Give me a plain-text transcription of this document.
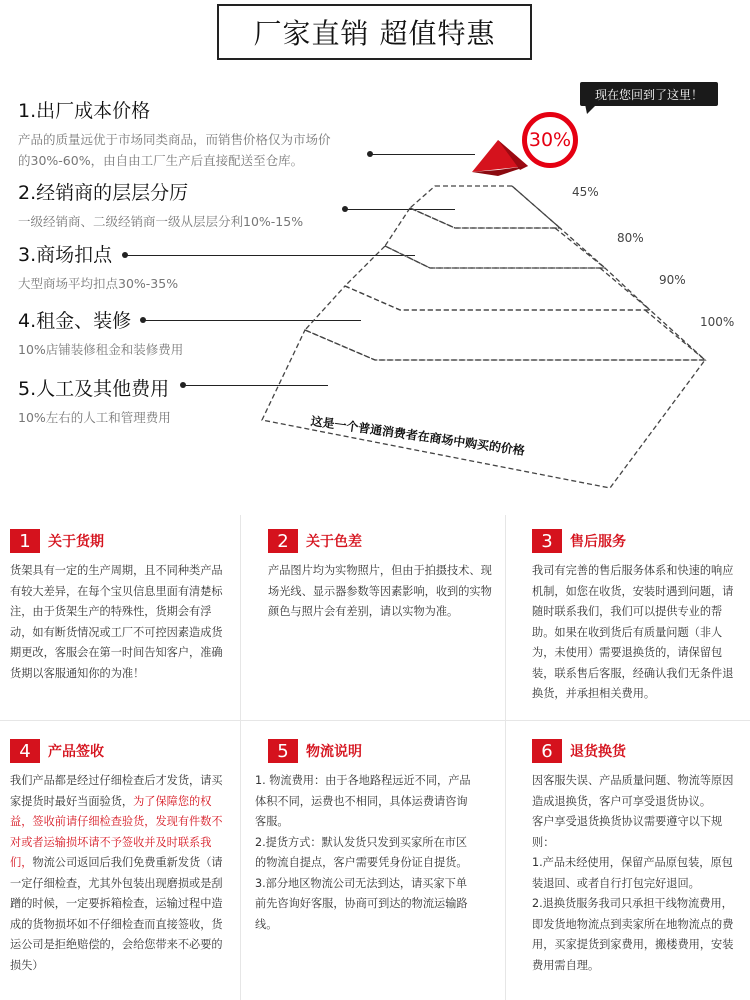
厂家直销 超值特惠
1.出厂成本价格
产品的质量远优于市场同类商品，而销售价格仅为市场价
的30%-60%，由自由工厂生产后直接配送至仓库。
2.经销商的层层分厉
一级经销商、二级经销商一级从层层分利10%-15%
3.商场扣点
大型商场平均扣点30%-35%
4.租金、装修
10%店铺装修租金和装修费用
5.人工及其他费用
10%左右的人工和管理费用
现在您回到了这里！
30%
45%
80%
90%
100%
这是一个普通消费者在商场中购买的价格
1	关于货期

货架具有一定的生产周期，且不同种类产品有较大差异，在每个宝贝信息里面有清楚标注，由于货架生产的特殊性，货期会有浮动，如有断货情况或工厂不可控因素造成货期更改，客服会在第一时间告知客户，准确货期以客服通知你的为准！

2	关于色差

产品图片均为实物照片，但由于拍摄技术、现场光线、显示器参数等因素影响，收到的实物颜色与照片会有差别，请以实物为准。

3	售后服务

我司有完善的售后服务体系和快速的响应机制，如您在收货，安装时遇到问题，请随时联系我们，我们可以提供专业的帮助。如果在收到货后有质量问题（非人为，未使用）需要退换货的，请保留包装，联系售后客服，经确认我们无条件退换货，并承担相关费用。

4	产品签收
我们产品都是经过仔细检查后才发货，请买家提货时最好当面验货，为了保障您的权益，签收前请仔细检查验货，发现有件数不对或者运输损坏请不予签收并及时联系我们，物流公司返回后我们免费重新发货（请一定仔细检查，尤其外包装出现磨损或是刮蹭的时候，一定要拆箱检查，运输过程中造成的货物损坏如不仔细检查而直接签收，货运公司是拒绝赔偿的，会给您带来不必要的损失）
5	物流说明

1. 物流费用：由于各地路程远近不同，产品体积不同，运费也不相同，具体运费请咨询客服。

2.提货方式：默认发货只发到买家所在市区的物流自提点，客户需要凭身份证自提货。

3.部分地区物流公司无法到达，请买家下单前先咨询好客服，协商可到达的物流运输路线。

6	退货换货

因客服失误、产品质量问题、物流等原因造成退换货，客户可享受退货协议。

客户享受退货换货协议需要遵守以下规则：

1.产品未经使用，保留产品原包装，原包装退回、或者自行打包完好退回。

2.退换货服务我司只承担干线物流费用，即发货地物流点到卖家所在地物流点的费用，买家提货到家费用，搬楼费用，安装费用需自理。
